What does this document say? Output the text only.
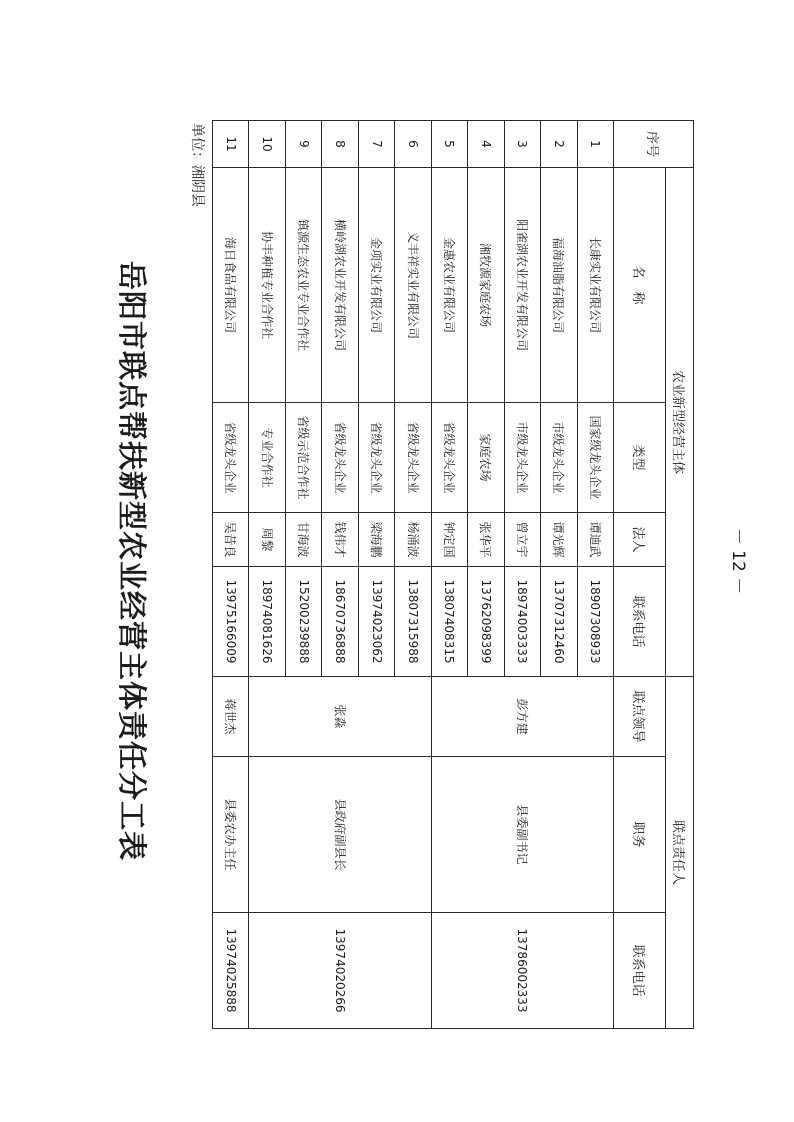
岳阳市联点帮扶新型农业经营主体责任分工表
单位：湘阴县	序号	农业新型经营主体				联点责任人		
	名　称	类型	法人	联系电话	联点领导	职务	联系电话
1	长康实业有限公司	国家级龙头企业	谭迪武	18907308933	彭方建	县委副书记	13786002333
2	福海油脂有限公司	市级龙头企业	谭光辉	13707312460			
3	阳雀湖农业开发有限公司	市级龙头企业	曾立宇	18974003333			
4	湘牧源家庭农场	家庭农场	张华平	13762098399			
5	金惠农业有限公司	省级龙头企业	钟定国	13807408315			
6	义丰祥实业有限公司	省级龙头企业	杨涌波	13807315988	张淼	县政府副县长	13974020266
7	金项实业有限公司	省级龙头企业	梁海鹏	13974023062			
8	横岭湖农业开发有限公司	省级龙头企业	钱伟才	18670736888			
9	镇源生态农业专业合作社	省级示范合作社	甘海波	15200239888			
10	协丰种植专业合作社	专业合作社	周黎	18974081626			
11	海日食品有限公司	省级龙头企业	吴昔良	13975166009	蒋世杰	县委农办主任	13974025888
－ 12 －
